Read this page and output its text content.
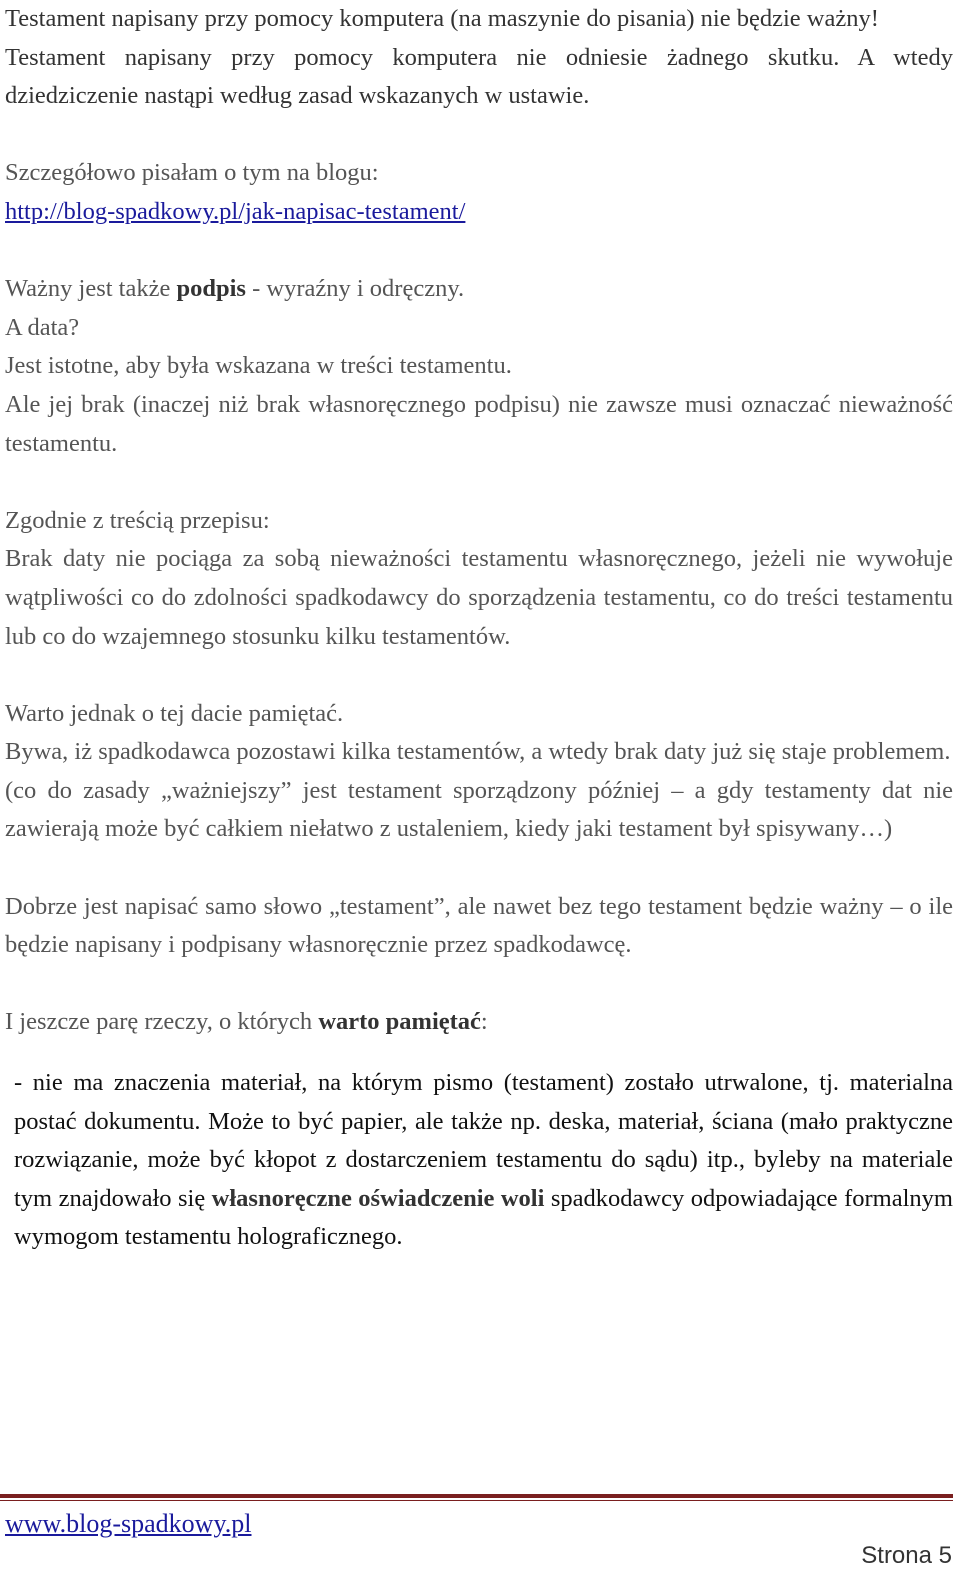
Testament napisany przy pomocy komputera (na maszynie do pisania) nie będzie ważny!

Testament napisany przy pomocy komputera nie odniesie żadnego skutku. A wtedy dziedziczenie nastąpi według zasad wskazanych w ustawie.

Szczegółowo pisałam o tym na blogu:

http://blog-spadkowy.pl/jak-napisac-testament/

Ważny jest także podpis - wyraźny i odręczny.

A data?

Jest istotne, aby była wskazana w treści testamentu.

Ale jej brak (inaczej niż brak własnoręcznego podpisu) nie zawsze musi oznaczać nieważność testamentu.

Zgodnie z treścią przepisu:

Brak daty nie pociąga za sobą nieważności testamentu własnoręcznego, jeżeli nie wywołuje wątpliwości co do zdolności spadkodawcy do sporządzenia testamentu, co do treści testamentu lub co do wzajemnego stosunku kilku testamentów.

Warto jednak o tej dacie pamiętać.

Bywa, iż spadkodawca pozostawi kilka testamentów, a wtedy brak daty już się staje problemem.

(co do zasady „ważniejszy” jest testament sporządzony później – a gdy testamenty dat nie zawierają może być całkiem niełatwo z ustaleniem, kiedy jaki testament był spisywany…)

Dobrze jest napisać samo słowo „testament”, ale nawet bez tego testament będzie ważny – o ile będzie napisany i podpisany własnoręcznie przez spadkodawcę.

I jeszcze parę rzeczy, o których warto pamiętać:

- nie ma znaczenia materiał, na którym pismo (testament) zostało utrwalone, tj. materialna postać dokumentu. Może to być papier, ale także np. deska, materiał, ściana (mało praktyczne rozwiązanie, może być kłopot z dostarczeniem testamentu do sądu) itp., byleby na materiale tym znajdowało się własnoręczne oświadczenie woli spadkodawcy odpowiadające formalnym wymogom testamentu holograficznego.

www.blog-spadkowy.pl
Strona 5
